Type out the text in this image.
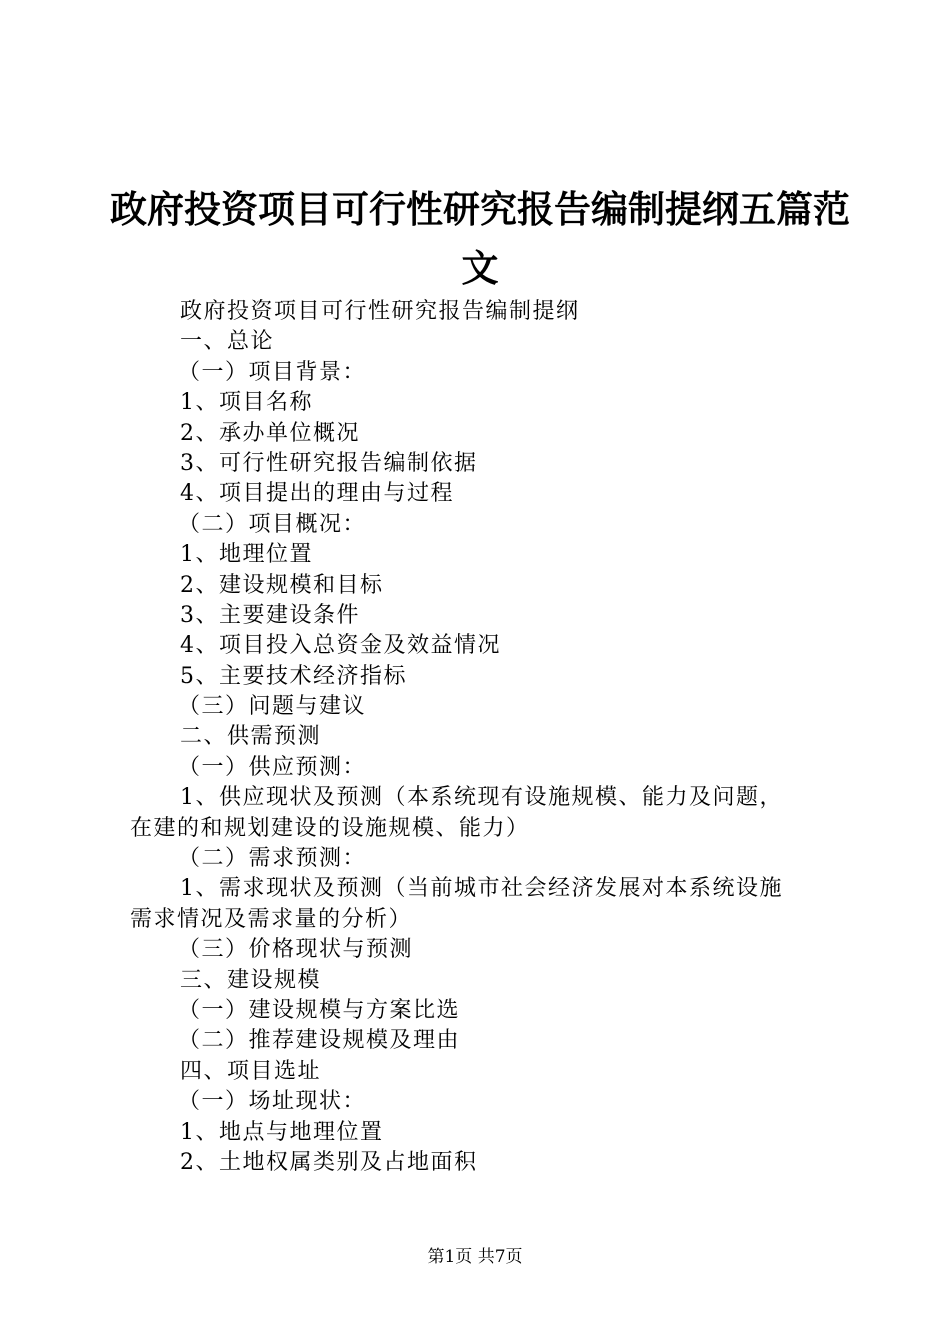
政府投资项目可行性研究报告编制提纲五篇范
文
政府投资项目可行性研究报告编制提纲
一、总论
（一）项目背景：
1、项目名称
2、承办单位概况
3、可行性研究报告编制依据
4、项目提出的理由与过程
（二）项目概况：
1、地理位置
2、建设规模和目标
3、主要建设条件
4、项目投入总资金及效益情况
5、主要技术经济指标
（三）问题与建议
二、供需预测
（一）供应预测：
1、供应现状及预测（本系统现有设施规模、能力及问题，
在建的和规划建设的设施规模、能力）
（二）需求预测：
1、需求现状及预测（当前城市社会经济发展对本系统设施
需求情况及需求量的分析）
（三）价格现状与预测
三、建设规模
（一）建设规模与方案比选
（二）推荐建设规模及理由
四、项目选址
（一）场址现状：
1、地点与地理位置
2、土地权属类别及占地面积
第1页 共7页
